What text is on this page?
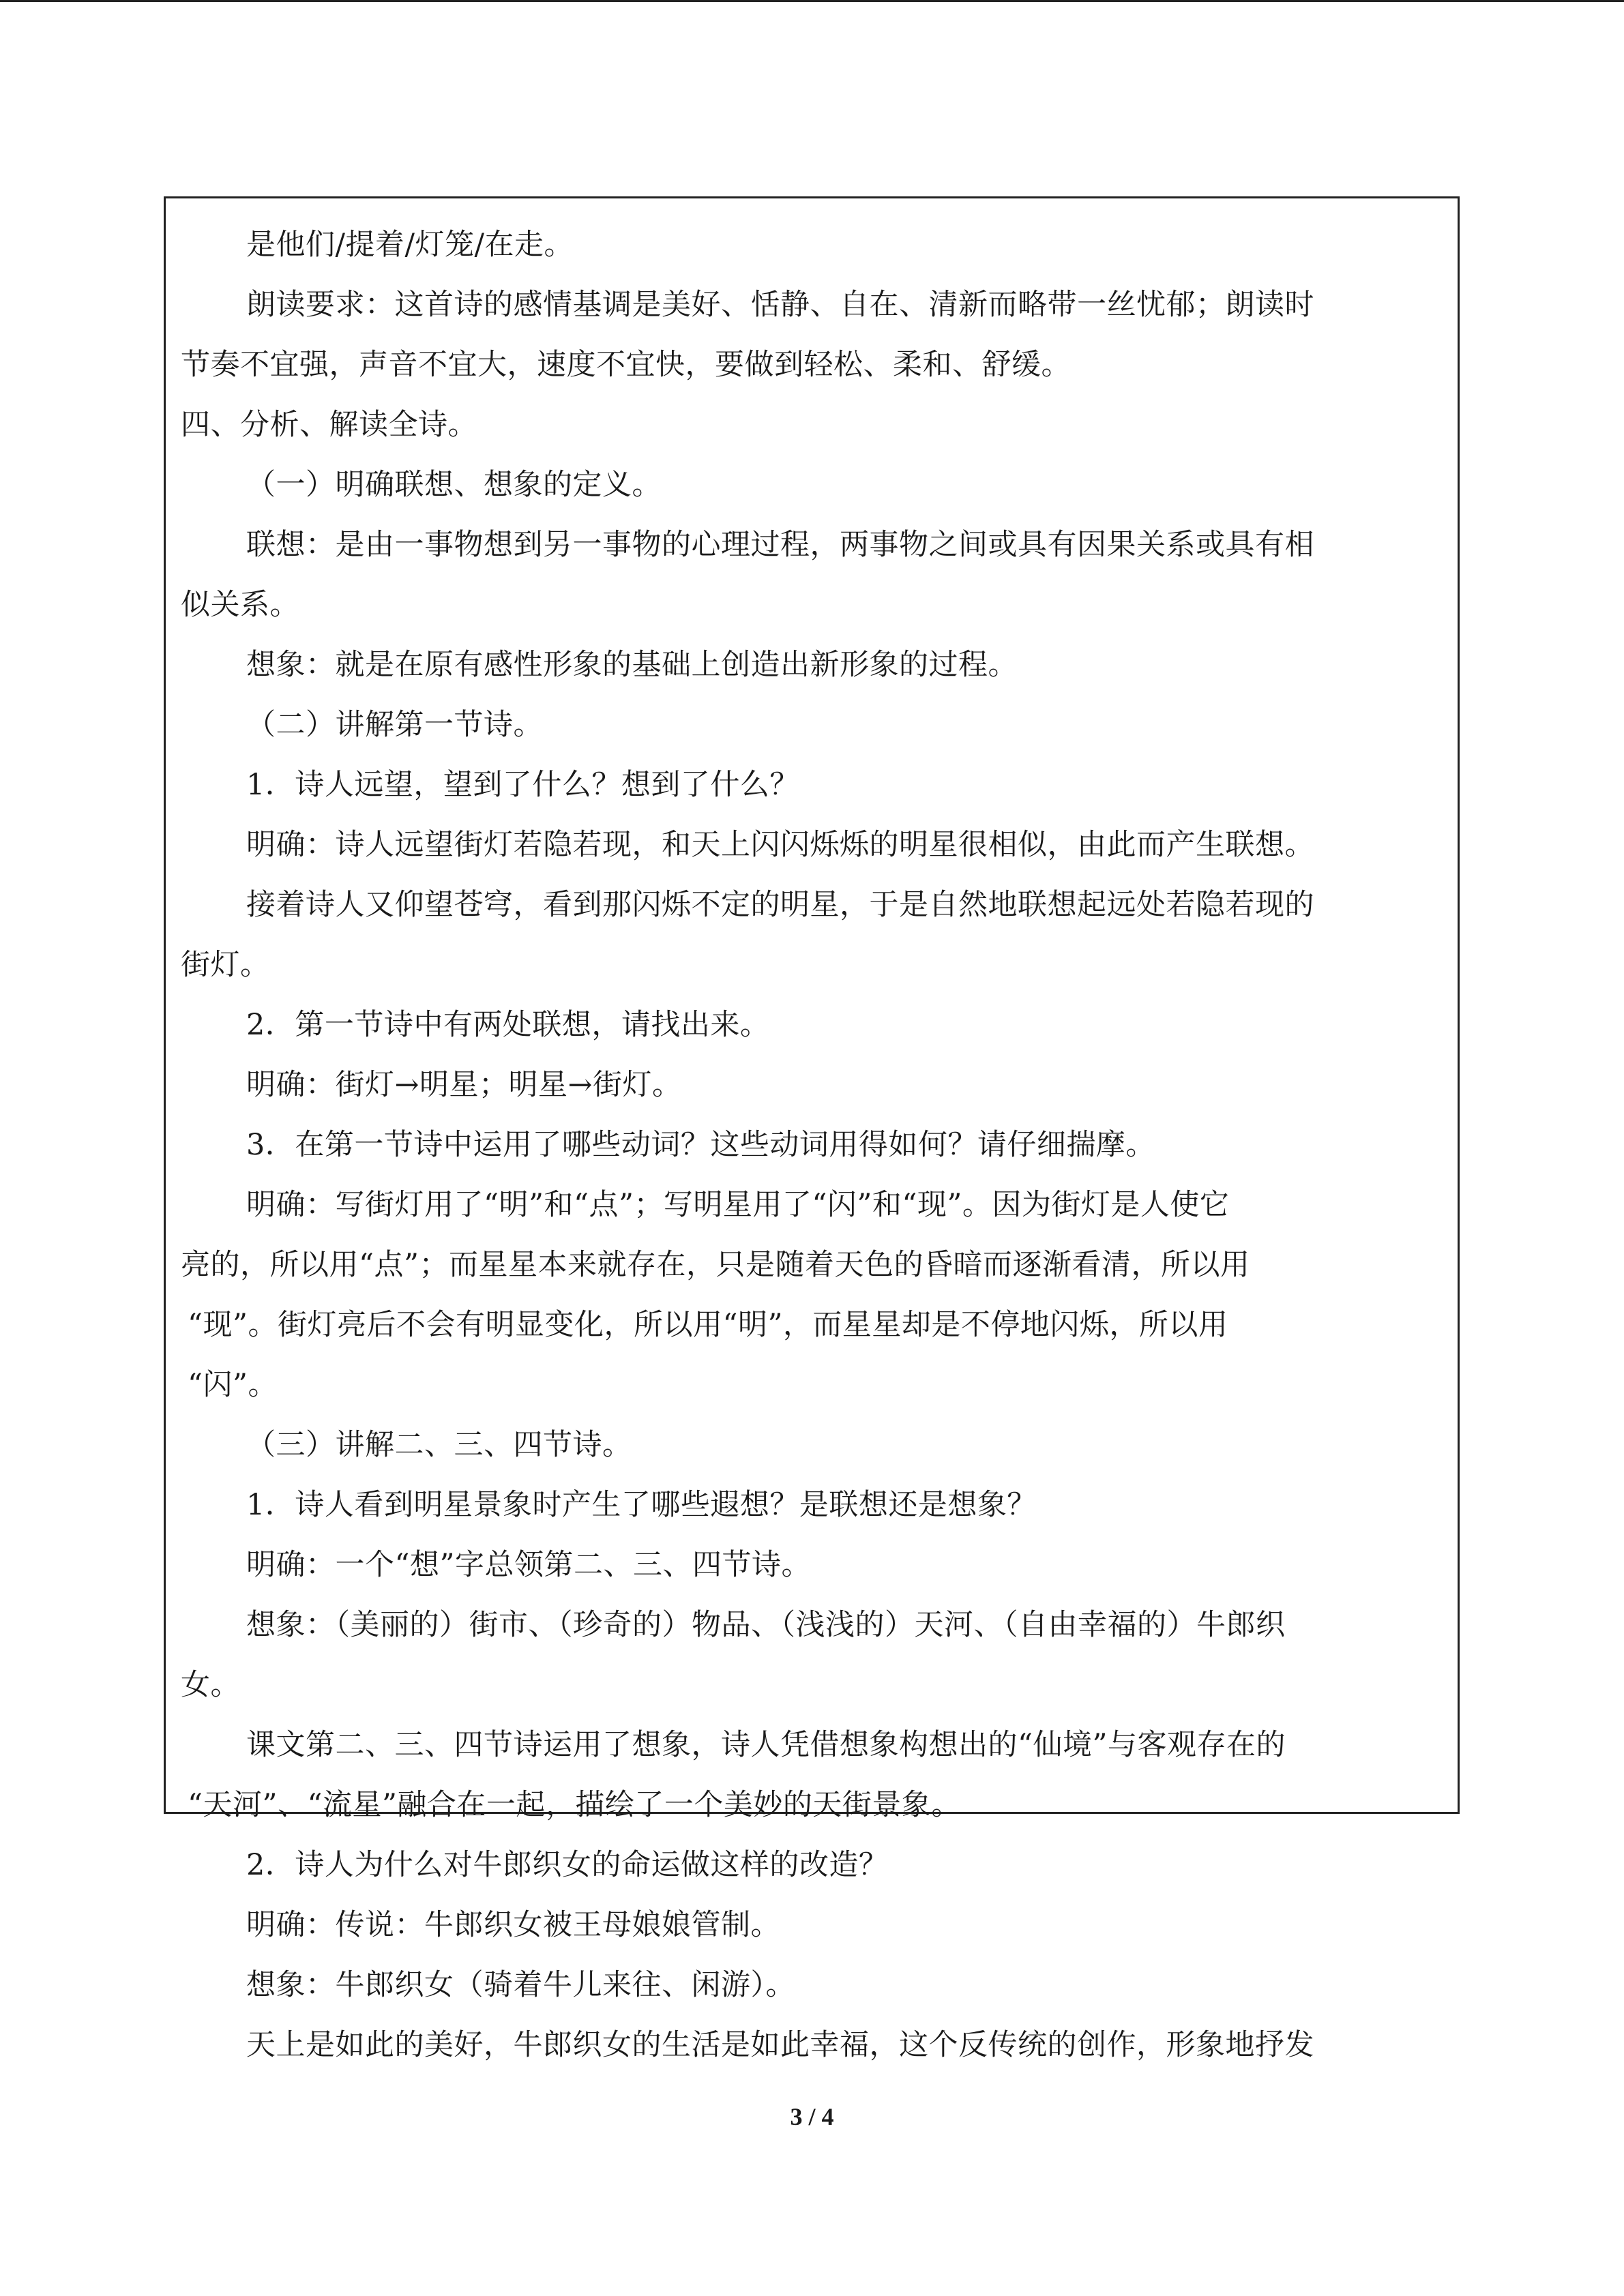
是他们/提着/灯笼/在走。
朗读要求：这首诗的感情基调是美好、恬静、自在、清新而略带一丝忧郁；朗读时
节奏不宜强，声音不宜大，速度不宜快，要做到轻松、柔和、舒缓。
四、分析、解读全诗。
（一）明确联想、想象的定义。
联想：是由一事物想到另一事物的心理过程，两事物之间或具有因果关系或具有相
似关系。
想象：就是在原有感性形象的基础上创造出新形象的过程。
（二）讲解第一节诗。
1．诗人远望，望到了什么？想到了什么？
明确：诗人远望街灯若隐若现，和天上闪闪烁烁的明星很相似，由此而产生联想。
接着诗人又仰望苍穹，看到那闪烁不定的明星，于是自然地联想起远处若隐若现的
街灯。
2．第一节诗中有两处联想，请找出来。
明确：街灯→明星；明星→街灯。
3．在第一节诗中运用了哪些动词？这些动词用得如何？请仔细揣摩。
明确：写街灯用了“明”和“点”；写明星用了“闪”和“现”。因为街灯是人使它
亮的，所以用“点”；而星星本来就存在，只是随着天色的昏暗而逐渐看清，所以用
“现”。街灯亮后不会有明显变化，所以用“明”，而星星却是不停地闪烁，所以用
“闪”。
（三）讲解二、三、四节诗。
1．诗人看到明星景象时产生了哪些遐想？是联想还是想象？
明确：一个“想”字总领第二、三、四节诗。
想象：（美丽的）街市、（珍奇的）物品、（浅浅的）天河、（自由幸福的）牛郎织
女。
课文第二、三、四节诗运用了想象，诗人凭借想象构想出的“仙境”与客观存在的
“天河”、“流星”融合在一起，描绘了一个美妙的天街景象。
2．诗人为什么对牛郎织女的命运做这样的改造？
明确：传说：牛郎织女被王母娘娘管制。
想象：牛郎织女（骑着牛儿来往、闲游）。
天上是如此的美好，牛郎织女的生活是如此幸福，这个反传统的创作，形象地抒发
3 / 4
